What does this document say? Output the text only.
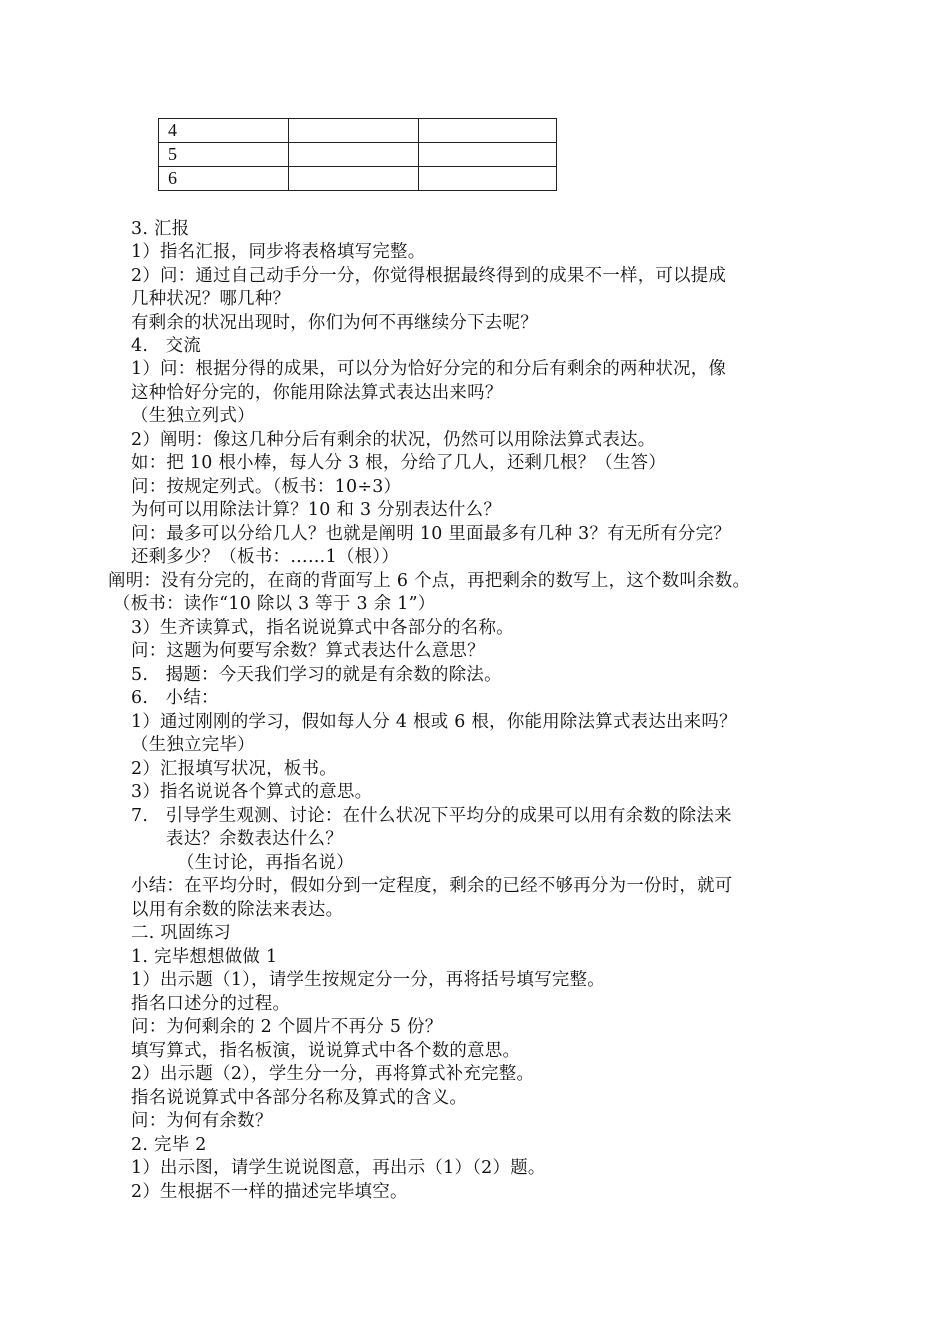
4		
5		
6		
3. 汇报
1）指名汇报，同步将表格填写完整。
2）问：通过自己动手分一分，你觉得根据最终得到的成果不一样，可以提成
几种状况？哪几种？
有剩余的状况出现时，你们为何不再继续分下去呢？
4.   交流
1）问：根据分得的成果，可以分为恰好分完的和分后有剩余的两种状况，像
这种恰好分完的，你能用除法算式表达出来吗？
（生独立列式）
2）阐明：像这几种分后有剩余的状况，仍然可以用除法算式表达。
如：把 10 根小棒，每人分 3 根，分给了几人，还剩几根？（生答）
问：按规定列式。（板书：10÷3）
为何可以用除法计算？10 和 3 分别表达什么？
问：最多可以分给几人？也就是阐明 10 里面最多有几种 3？有无所有分完？
还剩多少？（板书：……1（根））
阐明：没有分完的，在商的背面写上 6 个点，再把剩余的数写上，这个数叫余数。
（板书：读作“10 除以 3 等于 3 余 1”）
3）生齐读算式，指名说说算式中各部分的名称。
问：这题为何要写余数？算式表达什么意思？
5.   揭题：今天我们学习的就是有余数的除法。
6.   小结：
1）通过刚刚的学习，假如每人分 4 根或 6 根，你能用除法算式表达出来吗？
（生独立完毕）
2）汇报填写状况，板书。
3）指名说说各个算式的意思。
7.   引导学生观测、讨论：在什么状况下平均分的成果可以用有余数的除法来
表达？余数表达什么？
（生讨论，再指名说）
小结：在平均分时，假如分到一定程度，剩余的已经不够再分为一份时，就可
以用有余数的除法来表达。
二. 巩固练习
1. 完毕想想做做 1
1）出示题（1），请学生按规定分一分，再将括号填写完整。
指名口述分的过程。
问：为何剩余的 2 个圆片不再分 5 份？
填写算式，指名板演，说说算式中各个数的意思。
2）出示题（2），学生分一分，再将算式补充完整。
指名说说算式中各部分名称及算式的含义。
问：为何有余数？
2. 完毕 2
1）出示图，请学生说说图意，再出示（1）（2）题。
2）生根据不一样的描述完毕填空。
